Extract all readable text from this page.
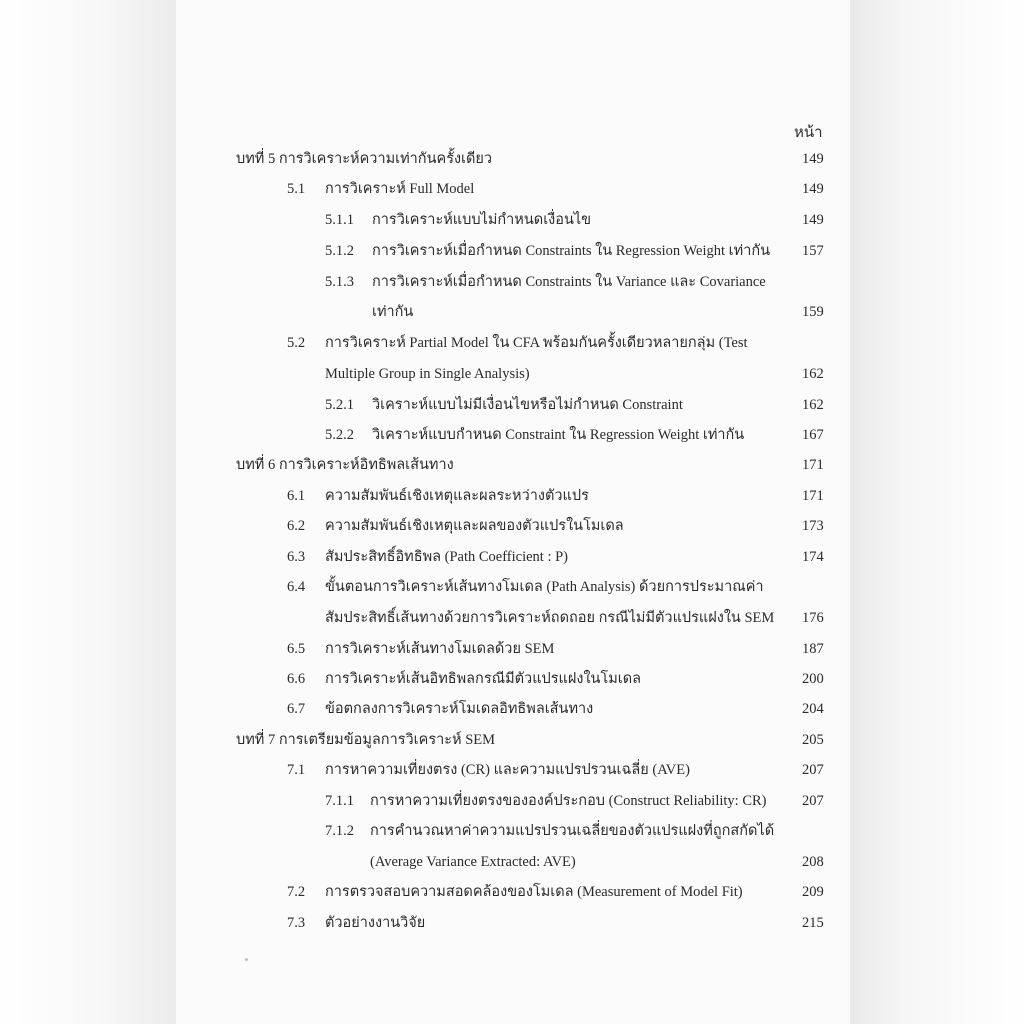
หน้า
บทที่ 5 การวิเคราะห์ความเท่ากันครั้งเดียว	149
5.1 การวิเคราะห์ Full Model	149
5.1.1 การวิเคราะห์แบบไม่กำหนดเงื่อนไข	149
5.1.2 การวิเคราะห์เมื่อกำหนด Constraints ใน Regression Weight เท่ากัน 157
5.1.3 การวิเคราะห์เมื่อกำหนด Constraints ใน Variance และ Covariance
เท่ากัน	159
5.2 การวิเคราะห์ Partial Model ใน CFA พร้อมกันครั้งเดียวหลายกลุ่ม (Test
Multiple Group in Single Analysis)	162
5.2.1 วิเคราะห์แบบไม่มีเงื่อนไขหรือไม่กำหนด Constraint	162
5.2.2 วิเคราะห์แบบกำหนด Constraint ใน Regression Weight เท่ากัน	167
บทที่ 6 การวิเคราะห์อิทธิพลเส้นทาง	171
6.1 ความสัมพันธ์เชิงเหตุและผลระหว่างตัวแปร	171
6.2 ความสัมพันธ์เชิงเหตุและผลของตัวแปรในโมเดล	173
6.3 สัมประสิทธิ์อิทธิพล (Path Coefficient : P)	174
6.4 ขั้นตอนการวิเคราะห์เส้นทางโมเดล (Path Analysis) ด้วยการประมาณค่า
สัมประสิทธิ์เส้นทางด้วยการวิเคราะห์ถดถอย กรณีไม่มีตัวแปรแฝงใน SEM 176
6.5 การวิเคราะห์เส้นทางโมเดลด้วย SEM	187
6.6 การวิเคราะห์เส้นอิทธิพลกรณีมีตัวแปรแฝงในโมเดล	200
6.7 ข้อตกลงการวิเคราะห์โมเดลอิทธิพลเส้นทาง	204
บทที่ 7 การเตรียมข้อมูลการวิเคราะห์ SEM	205
7.1 การหาความเที่ยงตรง (CR) และความแปรปรวนเฉลี่ย (AVE)	207
7.1.1 การหาความเที่ยงตรงขององค์ประกอบ (Construct Reliability: CR) 207
7.1.2 การคำนวณหาค่าความแปรปรวนเฉลี่ยของตัวแปรแฝงที่ถูกสกัดได้
(Average Variance Extracted: AVE)	208
7.2 การตรวจสอบความสอดคล้องของโมเดล (Measurement of Model Fit)	209
7.3 ตัวอย่างงานวิจัย	215
